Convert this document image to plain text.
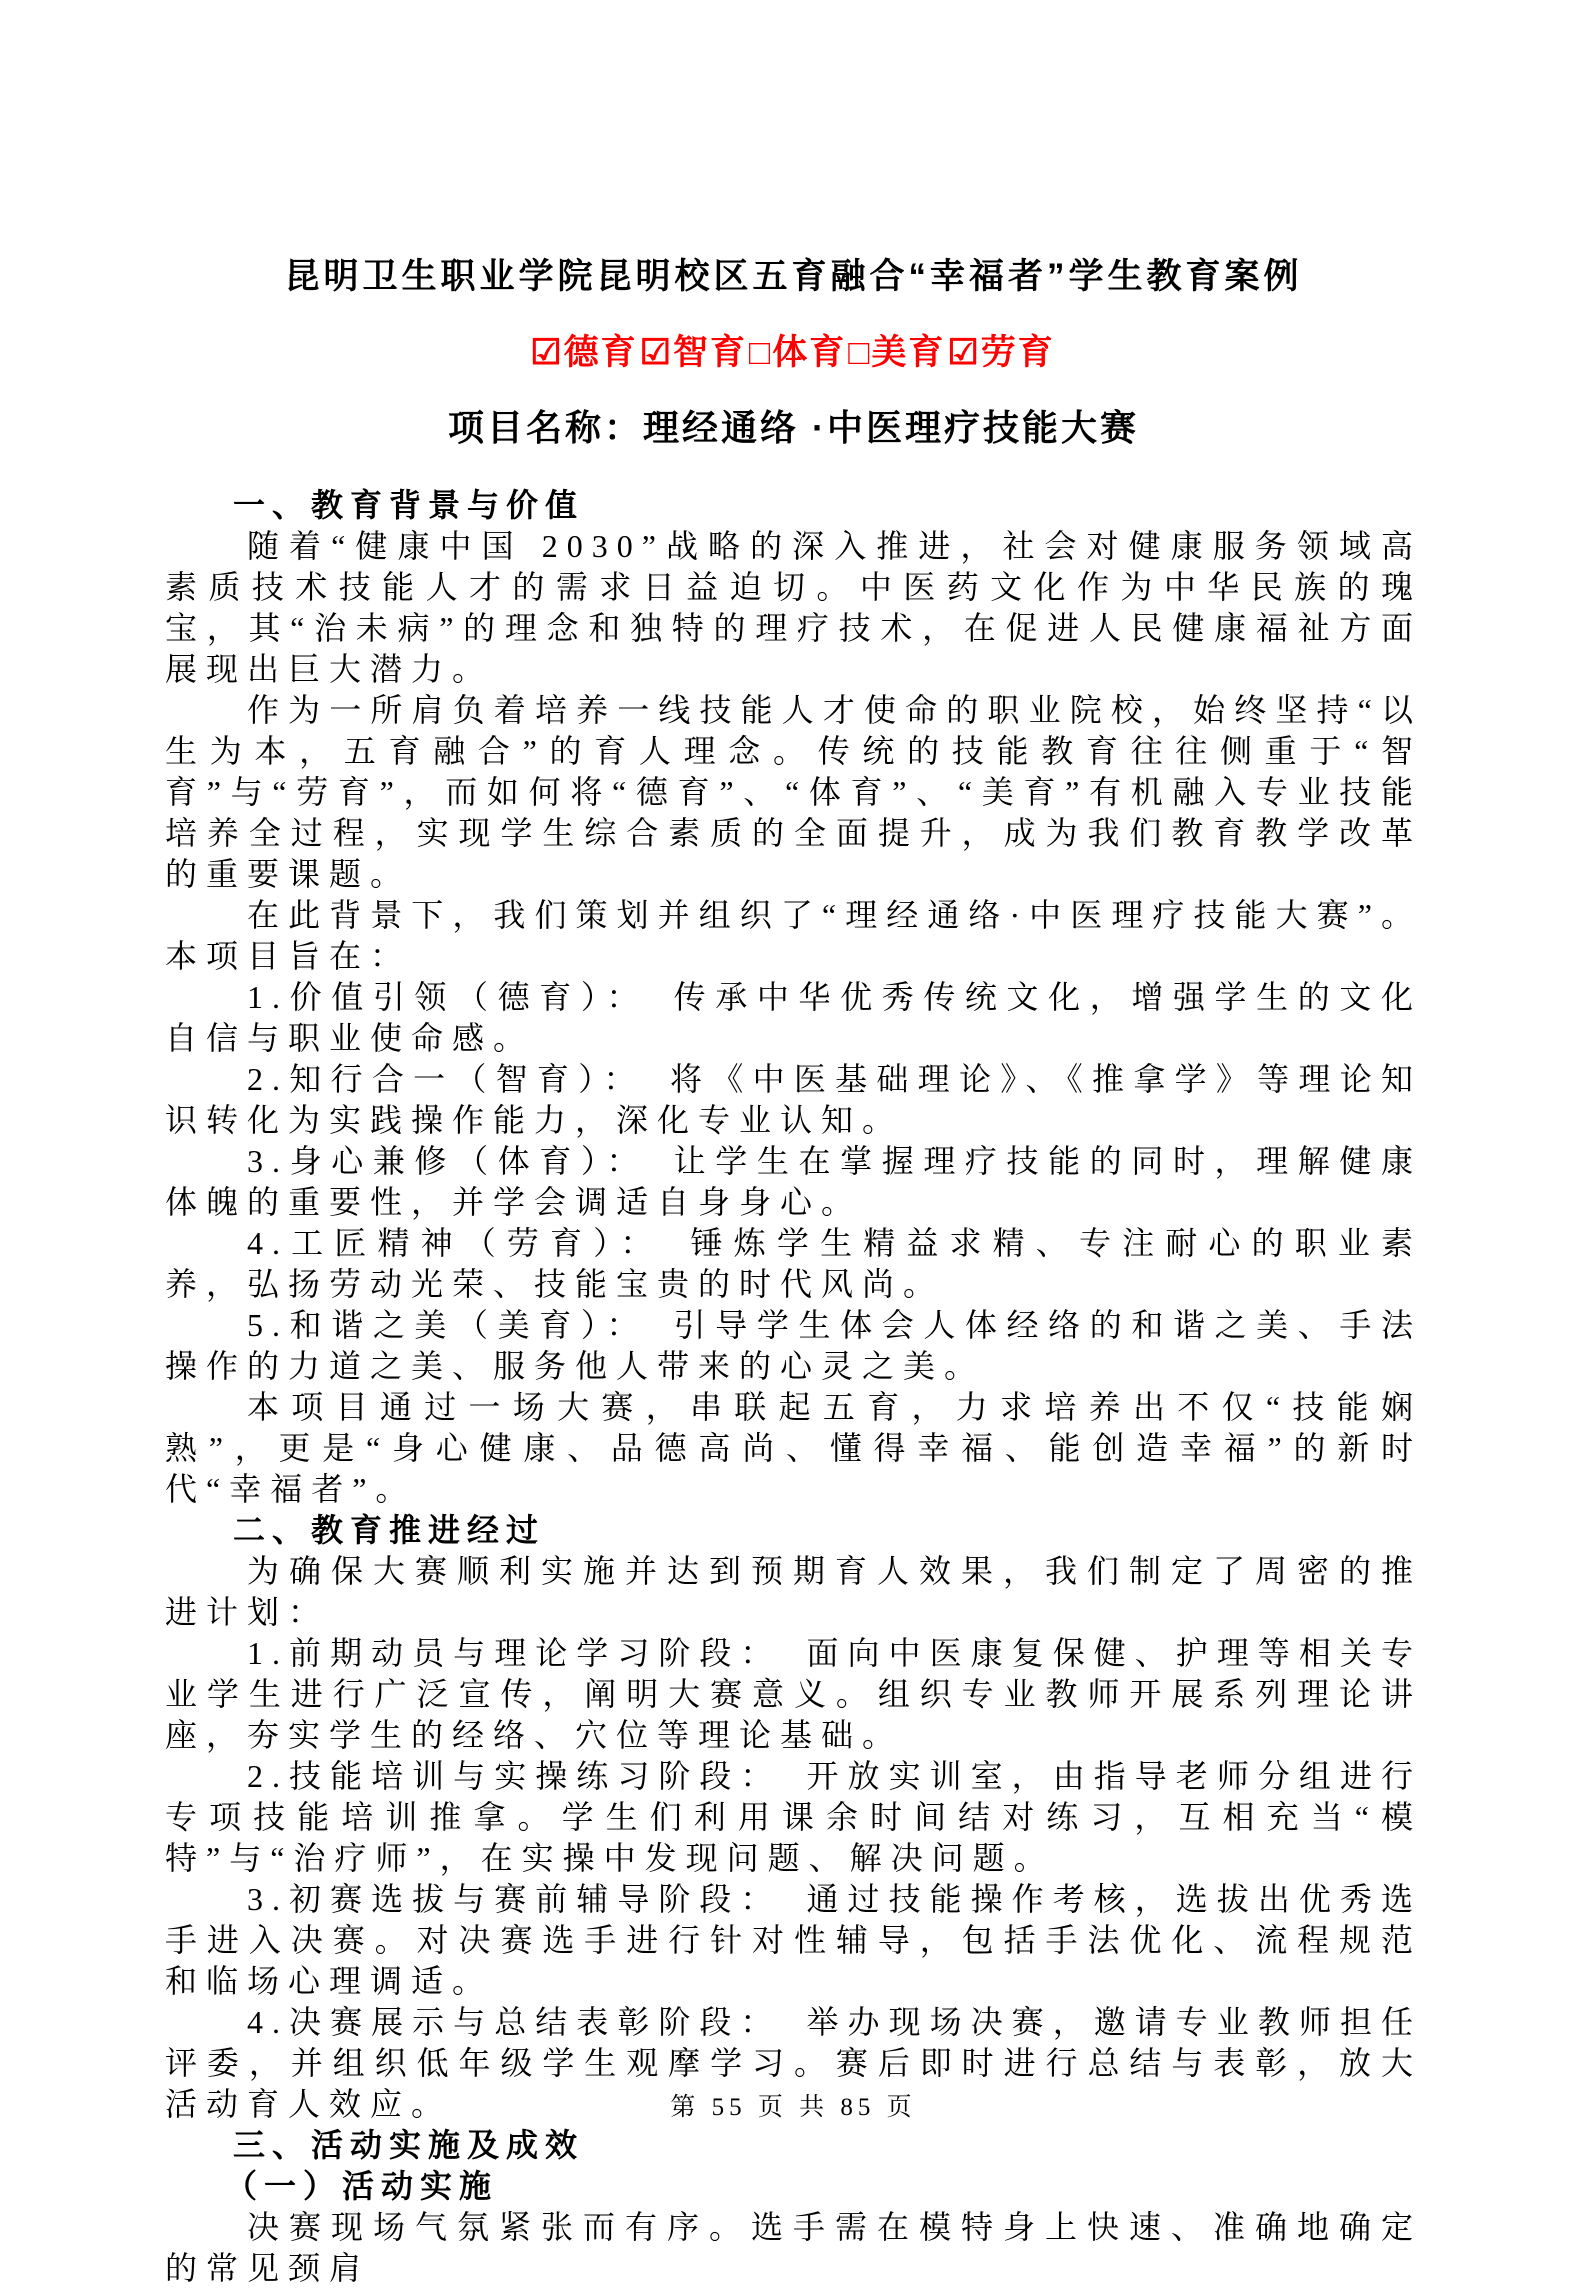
昆明卫生职业学院昆明校区五育融合“幸福者”学生教育案例
☑德育☑智育□体育□美育☑劳育
项目名称：理经通络 ·中医理疗技能大赛
一、教育背景与价值
随着“健康中国 2030”战略的深入推进，社会对健康服务领域高素质技术技能人才的需求日益迫切。中医药文化作为中华民族的瑰宝，其“治未病”的理念和独特的理疗技术，在促进人民健康福祉方面展现出巨大潜力。
作为一所肩负着培养一线技能人才使命的职业院校，始终坚持“以生为本，五育融合”的育人理念。传统的技能教育往往侧重于“智育”与“劳育”，而如何将“德育”、“体育”、“美育”有机融入专业技能培养全过程，实现学生综合素质的全面提升，成为我们教育教学改革的重要课题。
在此背景下，我们策划并组织了“理经通络·中医理疗技能大赛”。本项目旨在：
1.价值引领（德育）：　传承中华优秀传统文化，增强学生的文化自信与职业使命感。
2.知行合一（智育）：　将《中医基础理论》、《推拿学》等理论知识转化为实践操作能力，深化专业认知。
3.身心兼修（体育）：　让学生在掌握理疗技能的同时，理解健康体魄的重要性，并学会调适自身身心。
4.工匠精神（劳育）：　锤炼学生精益求精、专注耐心的职业素养，弘扬劳动光荣、技能宝贵的时代风尚。
5.和谐之美（美育）：　引导学生体会人体经络的和谐之美、手法操作的力道之美、服务他人带来的心灵之美。
本项目通过一场大赛，串联起五育，力求培养出不仅“技能娴熟”，更是“身心健康、品德高尚、懂得幸福、能创造幸福”的新时代“幸福者”。
二、教育推进经过
为确保大赛顺利实施并达到预期育人效果，我们制定了周密的推进计划：
1.前期动员与理论学习阶段：　面向中医康复保健、护理等相关专业学生进行广泛宣传，阐明大赛意义。组织专业教师开展系列理论讲座，夯实学生的经络、穴位等理论基础。
2.技能培训与实操练习阶段：　开放实训室，由指导老师分组进行专项技能培训推拿。学生们利用课余时间结对练习，互相充当“模特”与“治疗师”，在实操中发现问题、解决问题。
3.初赛选拔与赛前辅导阶段：　通过技能操作考核，选拔出优秀选手进入决赛。对决赛选手进行针对性辅导，包括手法优化、流程规范和临场心理调适。
4.决赛展示与总结表彰阶段：　举办现场决赛，邀请专业教师担任评委，并组织低年级学生观摩学习。赛后即时进行总结与表彰，放大活动育人效应。
三、活动实施及成效
（一）活动实施
决赛现场气氛紧张而有序。选手需在模特身上快速、准确地确定的常见颈肩
第 55 页 共 85 页
